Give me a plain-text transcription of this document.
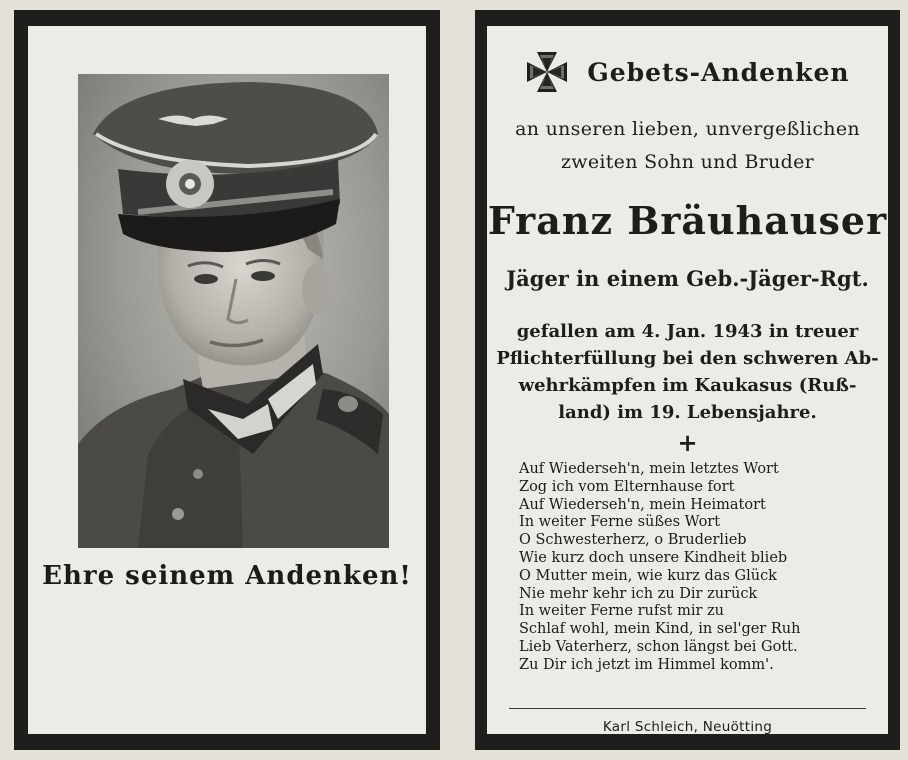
Ehre seinem Andenken!
Gebets-Andenken
an unseren lieben, unvergeßlichen
zweiten Sohn und Bruder
Franz Bräuhauser
Jäger in einem Geb.-Jäger-Rgt.
gefallen am 4. Jan. 1943 in treuer
Pflichterfüllung bei den schweren Ab-
wehrkämpfen im Kaukasus (Ruß-
land) im 19. Lebensjahre.
+
Auf Wiederseh'n, mein letztes Wort
Zog ich vom Elternhause fort
Auf Wiederseh'n, mein Heimatort
In weiter Ferne süßes Wort
O Schwesterherz, o Bruderlieb
Wie kurz doch unsere Kindheit blieb
O Mutter mein, wie kurz das Glück
Nie mehr kehr ich zu Dir zurück
In weiter Ferne rufst mir zu
Schlaf wohl, mein Kind, in sel'ger Ruh
Lieb Vaterherz, schon längst bei Gott.
Zu Dir ich jetzt im Himmel komm'.
Karl Schleich, Neuötting
